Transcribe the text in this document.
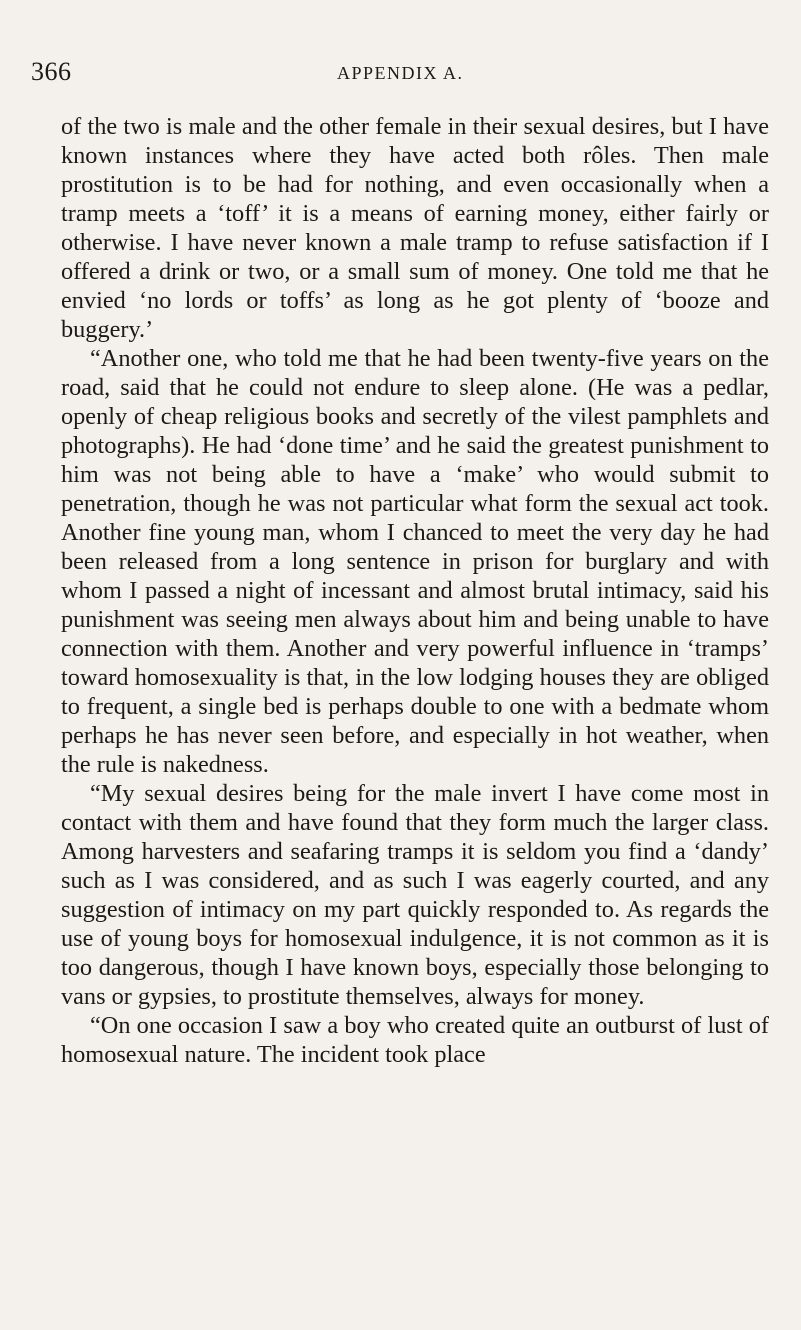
366	APPENDIX A.

of the two is male and the other female in their sexual desires, but I have known instances where they have acted both rôles. Then male prostitution is to be had for nothing, and even occasionally when a tramp meets a ‘toff’ it is a means of earning money, either fairly or otherwise. I have never known a male tramp to refuse satisfaction if I offered a drink or two, or a small sum of money. One told me that he envied ‘no lords or toffs’ as long as he got plenty of ‘booze and buggery.’

“Another one, who told me that he had been twenty-five years on the road, said that he could not endure to sleep alone. (He was a pedlar, openly of cheap religious books and secretly of the vilest pamphlets and photographs). He had ‘done time’ and he said the greatest punishment to him was not being able to have a ‘make’ who would submit to penetration, though he was not particular what form the sexual act took. Another fine young man, whom I chanced to meet the very day he had been released from a long sentence in prison for burglary and with whom I passed a night of incessant and almost brutal intimacy, said his punishment was seeing men always about him and being unable to have connection with them. Another and very powerful influence in ‘tramps’ toward homosexuality is that, in the low lodging houses they are obliged to frequent, a single bed is perhaps double to one with a bedmate whom perhaps he has never seen before, and especially in hot weather, when the rule is nakedness.

“My sexual desires being for the male invert I have come most in contact with them and have found that they form much the larger class. Among harvesters and seafaring tramps it is seldom you find a ‘dandy’ such as I was considered, and as such I was eagerly courted, and any suggestion of intimacy on my part quickly responded to. As regards the use of young boys for homosexual indulgence, it is not common as it is too dangerous, though I have known boys, especially those belonging to vans or gypsies, to prostitute themselves, always for money.

“On one occasion I saw a boy who created quite an outburst of lust of homosexual nature. The incident took place
